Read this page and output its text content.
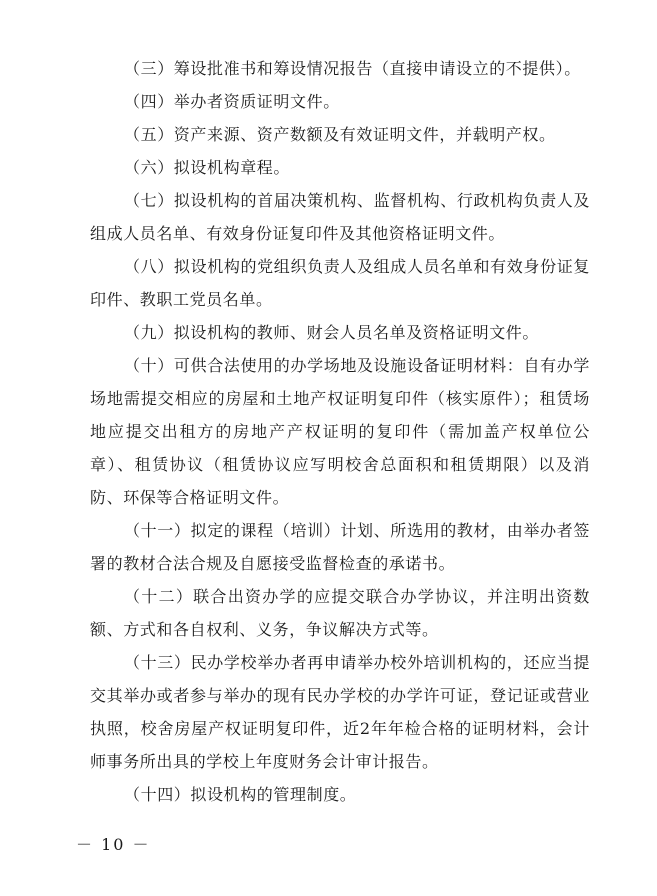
（三）筹设批准书和筹设情况报告（直接申请设立的不提供）。

（四）举办者资质证明文件。

（五）资产来源、资产数额及有效证明文件，并载明产权。

（六）拟设机构章程。

（七）拟设机构的首届决策机构、监督机构、行政机构负责人及组成人员名单、有效身份证复印件及其他资格证明文件。

（八）拟设机构的党组织负责人及组成人员名单和有效身份证复印件、教职工党员名单。

（九）拟设机构的教师、财会人员名单及资格证明文件。

（十）可供合法使用的办学场地及设施设备证明材料：自有办学场地需提交相应的房屋和土地产权证明复印件（核实原件）；租赁场地应提交出租方的房地产产权证明的复印件（需加盖产权单位公章）、租赁协议（租赁协议应写明校舍总面积和租赁期限）以及消防、环保等合格证明文件。

（十一）拟定的课程（培训）计划、所选用的教材，由举办者签署的教材合法合规及自愿接受监督检查的承诺书。

（十二）联合出资办学的应提交联合办学协议，并注明出资数额、方式和各自权利、义务，争议解决方式等。

（十三）民办学校举办者再申请举办校外培训机构的，还应当提交其举办或者参与举办的现有民办学校的办学许可证，登记证或营业执照，校舍房屋产权证明复印件，近2年年检合格的证明材料，会计师事务所出具的学校上年度财务会计审计报告。

（十四）拟设机构的管理制度。

－ 10 －
